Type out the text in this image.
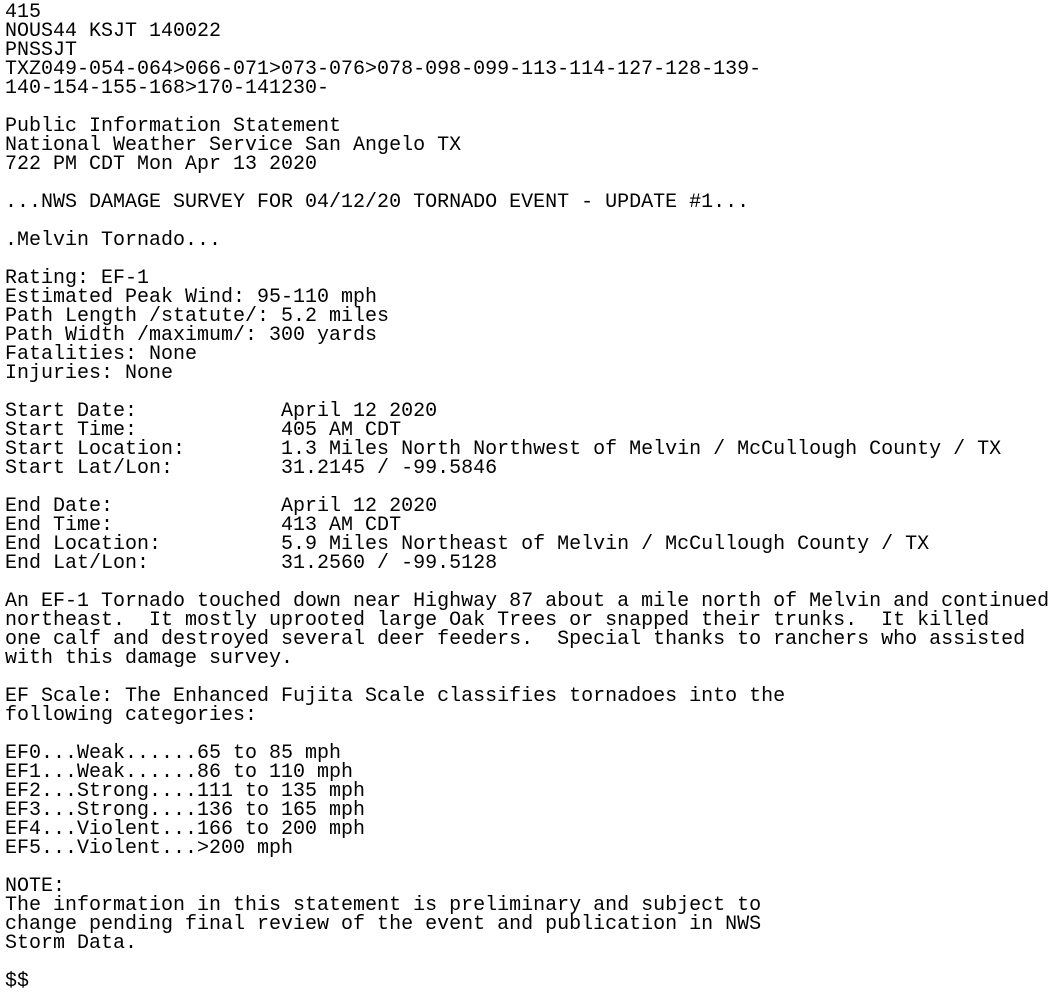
415
NOUS44 KSJT 140022
PNSSJT
TXZ049-054-064>066-071>073-076>078-098-099-113-114-127-128-139-
140-154-155-168>170-141230-
Public Information Statement
National Weather Service San Angelo TX
722 PM CDT Mon Apr 13 2020
...NWS DAMAGE SURVEY FOR 04/12/20 TORNADO EVENT - UPDATE #1...
.Melvin Tornado...
Rating: EF-1
Estimated Peak Wind: 95-110 mph
Path Length /statute/: 5.2 miles
Path Width /maximum/: 300 yards
Fatalities: None
Injuries: None
Start Date:            April 12 2020
Start Time:            405 AM CDT
Start Location:        1.3 Miles North Northwest of Melvin / McCullough County / TX
Start Lat/Lon:         31.2145 / -99.5846
End Date:              April 12 2020
End Time:              413 AM CDT
End Location:          5.9 Miles Northeast of Melvin / McCullough County / TX
End Lat/Lon:           31.2560 / -99.5128
An EF-1 Tornado touched down near Highway 87 about a mile north of Melvin and continued
northeast.  It mostly uprooted large Oak Trees or snapped their trunks.  It killed
one calf and destroyed several deer feeders.  Special thanks to ranchers who assisted
with this damage survey.
EF Scale: The Enhanced Fujita Scale classifies tornadoes into the
following categories:
EF0...Weak......65 to 85 mph
EF1...Weak......86 to 110 mph
EF2...Strong....111 to 135 mph
EF3...Strong....136 to 165 mph
EF4...Violent...166 to 200 mph
EF5...Violent...>200 mph
NOTE:
The information in this statement is preliminary and subject to
change pending final review of the event and publication in NWS
Storm Data.
$$
